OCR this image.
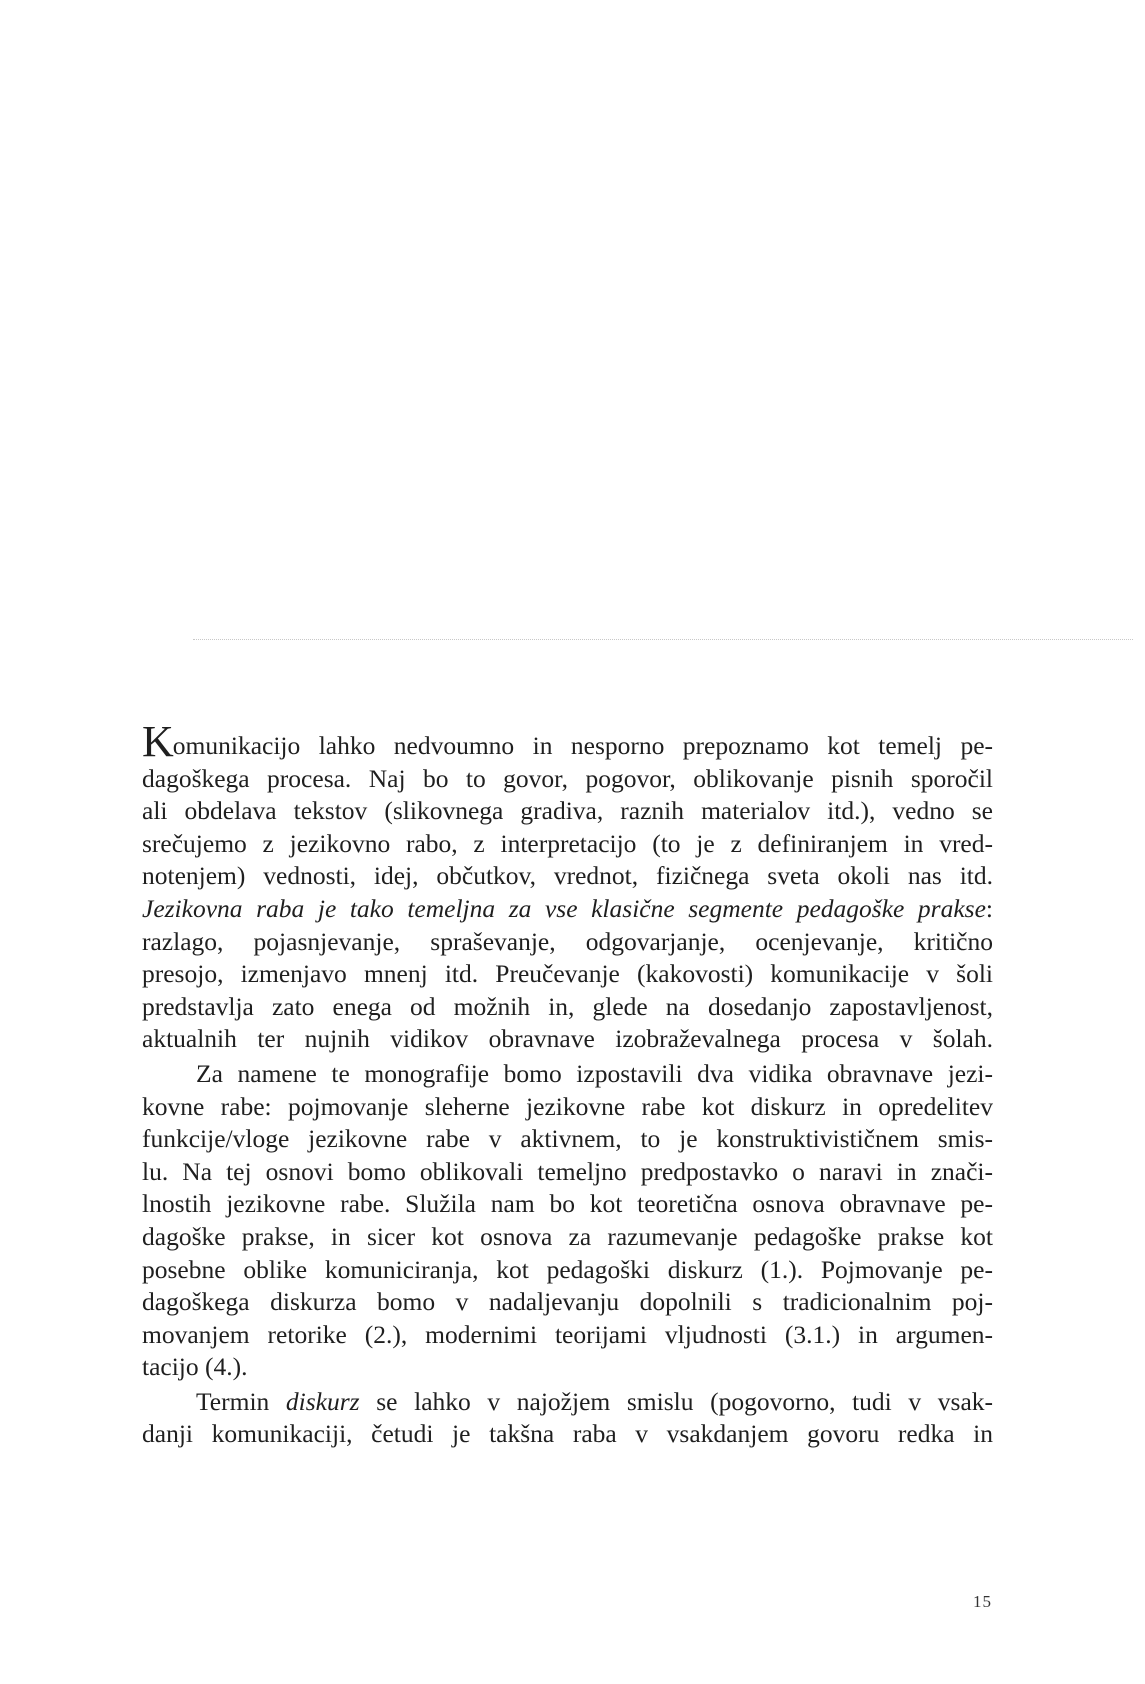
Komunikacijo lahko nedvoumno in nesporno prepoznamo kot temelj pe-
dagoškega procesa. Naj bo to govor, pogovor, oblikovanje pisnih sporočil
ali obdelava tekstov (slikovnega gradiva, raznih materialov itd.), vedno se
srečujemo z jezikovno rabo, z interpretacijo (to je z definiranjem in vred-
notenjem) vednosti, idej, občutkov, vrednot, fizičnega sveta okoli nas itd.
Jezikovna raba je tako temeljna za vse klasične segmente pedagoške prakse:
razlago, pojasnjevanje, spraševanje, odgovarjanje, ocenjevanje, kritično
presojo, izmenjavo mnenj itd. Preučevanje (kakovosti) komunikacije v šoli
predstavlja zato enega od možnih in, glede na dosedanjo zapostavljenost,
aktualnih ter nujnih vidikov obravnave izobraževalnega procesa v šolah.
Za namene te monografije bomo izpostavili dva vidika obravnave jezi-
kovne rabe: pojmovanje sleherne jezikovne rabe kot diskurz in opredelitev
funkcije/vloge jezikovne rabe v aktivnem, to je konstruktivističnem smis-
lu. Na tej osnovi bomo oblikovali temeljno predpostavko o naravi in znači-
lnostih jezikovne rabe. Služila nam bo kot teoretična osnova obravnave pe-
dagoške prakse, in sicer kot osnova za razumevanje pedagoške prakse kot
posebne oblike komuniciranja, kot pedagoški diskurz (1.). Pojmovanje pe-
dagoškega diskurza bomo v nadaljevanju dopolnili s tradicionalnim poj-
movanjem retorike (2.), modernimi teorijami vljudnosti (3.1.) in argumen-
tacijo (4.).
Termin diskurz se lahko v najožjem smislu (pogovorno, tudi v vsak-
danji komunikaciji, četudi je takšna raba v vsakdanjem govoru redka in
15
